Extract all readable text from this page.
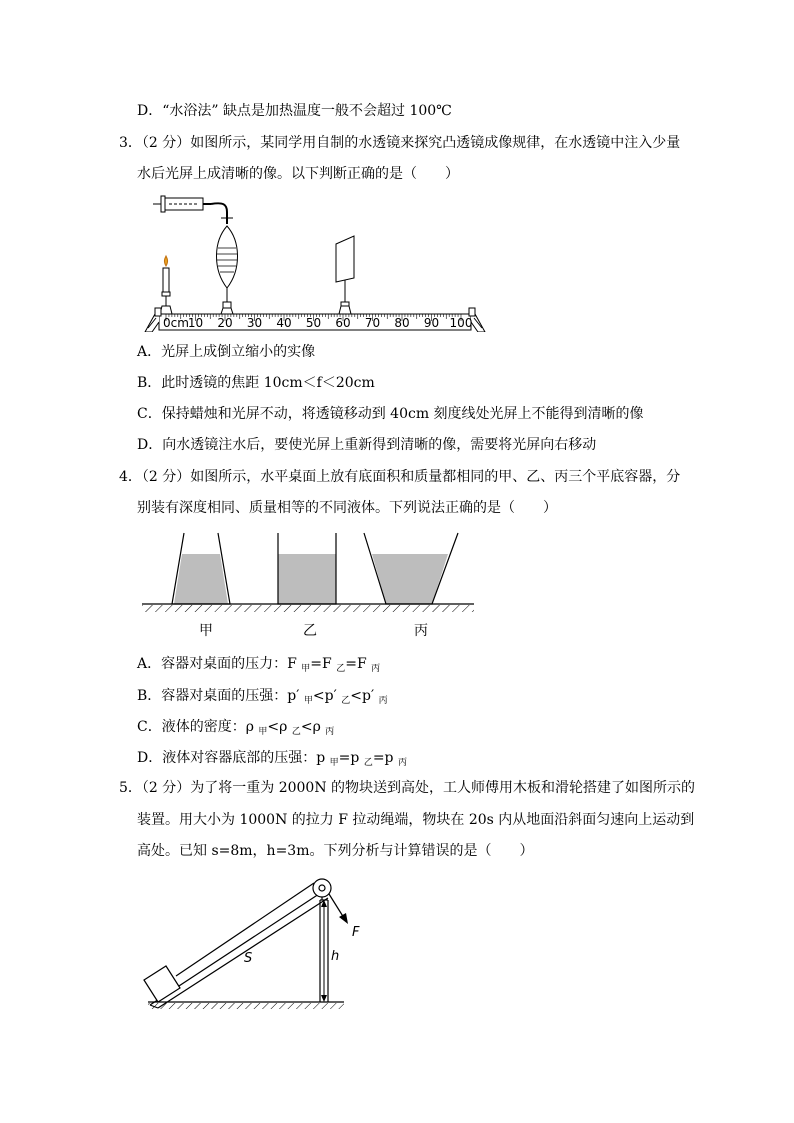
D．“水浴法” 缺点是加热温度一般不会超过 100℃
3．（2 分）如图所示，某同学用自制的水透镜来探究凸透镜成像规律，在水透镜中注入少量
水后光屏上成清晰的像。以下判断正确的是（　　）
0cm
10 20 30 40 50 60 70 80 90 100
A．光屏上成倒立缩小的实像
B．此时透镜的焦距 10cm＜f＜20cm
C．保持蜡烛和光屏不动，将透镜移动到 40cm 刻度线处光屏上不能得到清晰的像
D．向水透镜注水后，要使光屏上重新得到清晰的像，需要将光屏向右移动
4．（2 分）如图所示，水平桌面上放有底面积和质量都相同的甲、乙、丙三个平底容器，分
别装有深度相同、质量相等的不同液体。下列说法正确的是（　　）
甲	乙	丙
A．容器对桌面的压力：F $_甲$=F $_乙$=F $_丙$
B．容器对桌面的压强：p′ $_甲$<p′ $_乙$<p′ $_丙$
C．液体的密度：ρ $_甲$<ρ $_乙$<ρ $_丙$
D．液体对容器底部的压强：p $_甲$=p $_乙$=p $_丙$
5．（2 分）为了将一重为 2000N 的物块送到高处，工人师傅用木板和滑轮搭建了如图所示的
装置。用大小为 1000N 的拉力 F 拉动绳端，物块在 20s 内从地面沿斜面匀速向上运动到
高处。已知 s=8m，h=3m。下列分析与计算错误的是（　　）
S	h
F
